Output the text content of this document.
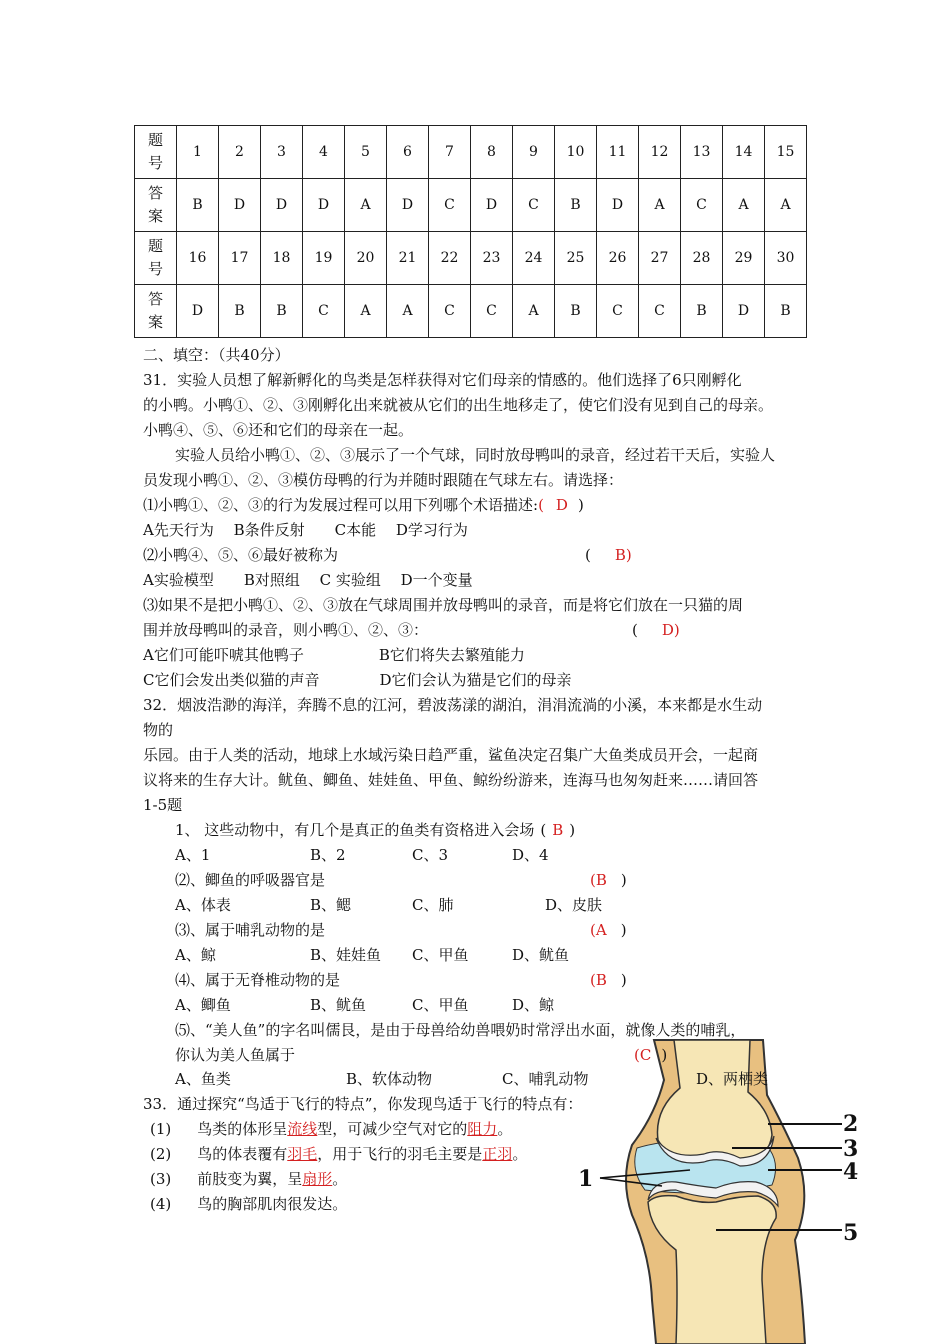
题
号	1	2	3	4	5	6	7	8	9	10	11	12	13	14	15

答
案	B	D	D	D	A	D	C	D	C	B	D	A	C	A	A

题
号	16	17	18	19	20	21	22	23	24	25	26	27	28	29	30

答
案	D	B	B	C	A	A	C	C	A	B	C	C	B	D	B
二、填空：（共40分）
31．实验人员想了解新孵化的鸟类是怎样获得对它们母亲的情感的。他们选择了6只刚孵化
的小鸭。小鸭①、②、③刚孵化出来就被从它们的出生地移走了，使它们没有见到自己的母亲。
小鸭④、⑤、⑥还和它们的母亲在一起。
实验人员给小鸭①、②、③展示了一个气球，同时放母鸭叫的录音，经过若干天后，实验人
员发现小鸭①、②、③模仿母鸭的行为并随时跟随在气球左右。请选择：
⑴小鸭①、②、③的行为发展过程可以用下列哪个术语描述:( D )
A先天行为　 B条件反射　　C本能　 D学习行为
⑵小鸭④、⑤、⑥最好被称为	( B)
A实验模型　　B对照组　 C 实验组　 D一个变量
⑶如果不是把小鸭①、②、③放在气球周围并放母鸭叫的录音，而是将它们放在一只猫的周
围并放母鸭叫的录音，则小鸭①、②、③：	( D)
A它们可能吓唬其他鸭子　　　　　B它们将失去繁殖能力
C它们会发出类似猫的声音　　　　D它们会认为猫是它们的母亲
32．烟波浩渺的海洋，奔腾不息的江河，碧波荡漾的湖泊，涓涓流淌的小溪，本来都是水生动
物的
乐园。由于人类的活动，地球上水域污染日趋严重，鲨鱼决定召集广大鱼类成员开会，一起商
议将来的生存大计。鱿鱼、鲫鱼、娃娃鱼、甲鱼、鲸纷纷游来，连海马也匆匆赶来……请回答
1-5题
1、 这些动物中，有几个是真正的鱼类有资格进入会场 ( B )
A、1	B、2	C、3	D、4
⑵、鲫鱼的呼吸器官是	(B )
A、体表	B、鳃	C、肺	D、皮肤
⑶、属于哺乳动物的是	(A )
A、鲸	B、娃娃鱼 C、甲鱼	D、鱿鱼
⑷、属于无脊椎动物的是	(B )
A、鲫鱼	B、鱿鱼	C、甲鱼	D、鲸
⑸、“美人鱼”的字名叫儒艮，是由于母兽给幼兽喂奶时常浮出水面，就像人类的哺乳，
你认为美人鱼属于
33．通过探究“鸟适于飞行的特点”，你发现鸟适于飞行的特点有：
(1) 鸟类的体形呈流线型，可减少空气对它的阻力。
(2) 鸟的体表覆有羽毛，用于飞行的羽毛主要是正羽。
(3) 前肢变为翼，呈扇形。
(4) 鸟的胸部肌肉很发达。
2
3
4
5
1
(C )
A、鱼类	B、软体动物	C、哺乳动物	D、两栖类
